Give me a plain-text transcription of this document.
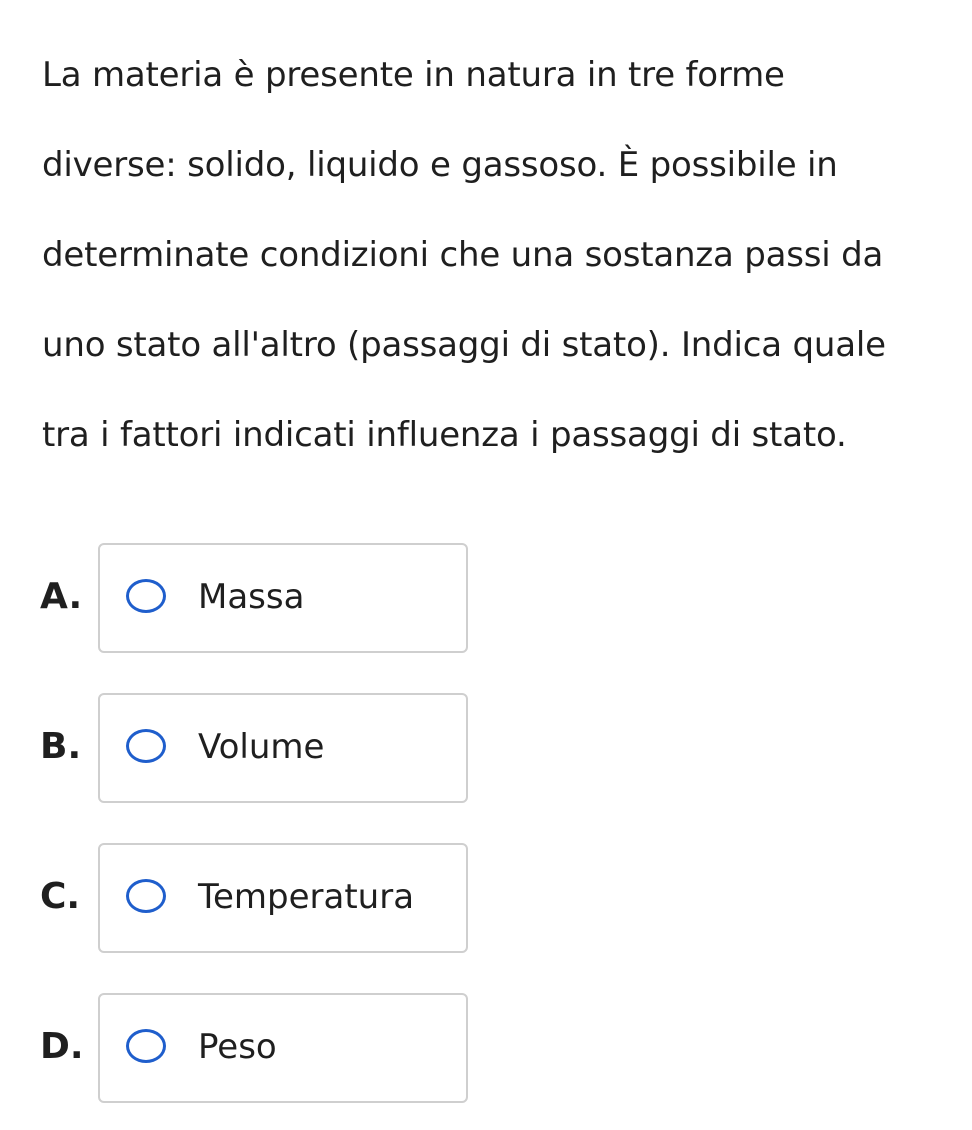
La materia è presente in natura in tre forme
diverse: solido, liquido e gassoso. È possibile in
determinate condizioni che una sostanza passi da
uno stato all'altro (passaggi di stato). Indica quale
tra i fattori indicati influenza i passaggi di stato.

A.	Massa
B.	Volume
C.	Temperatura
D.	Peso
